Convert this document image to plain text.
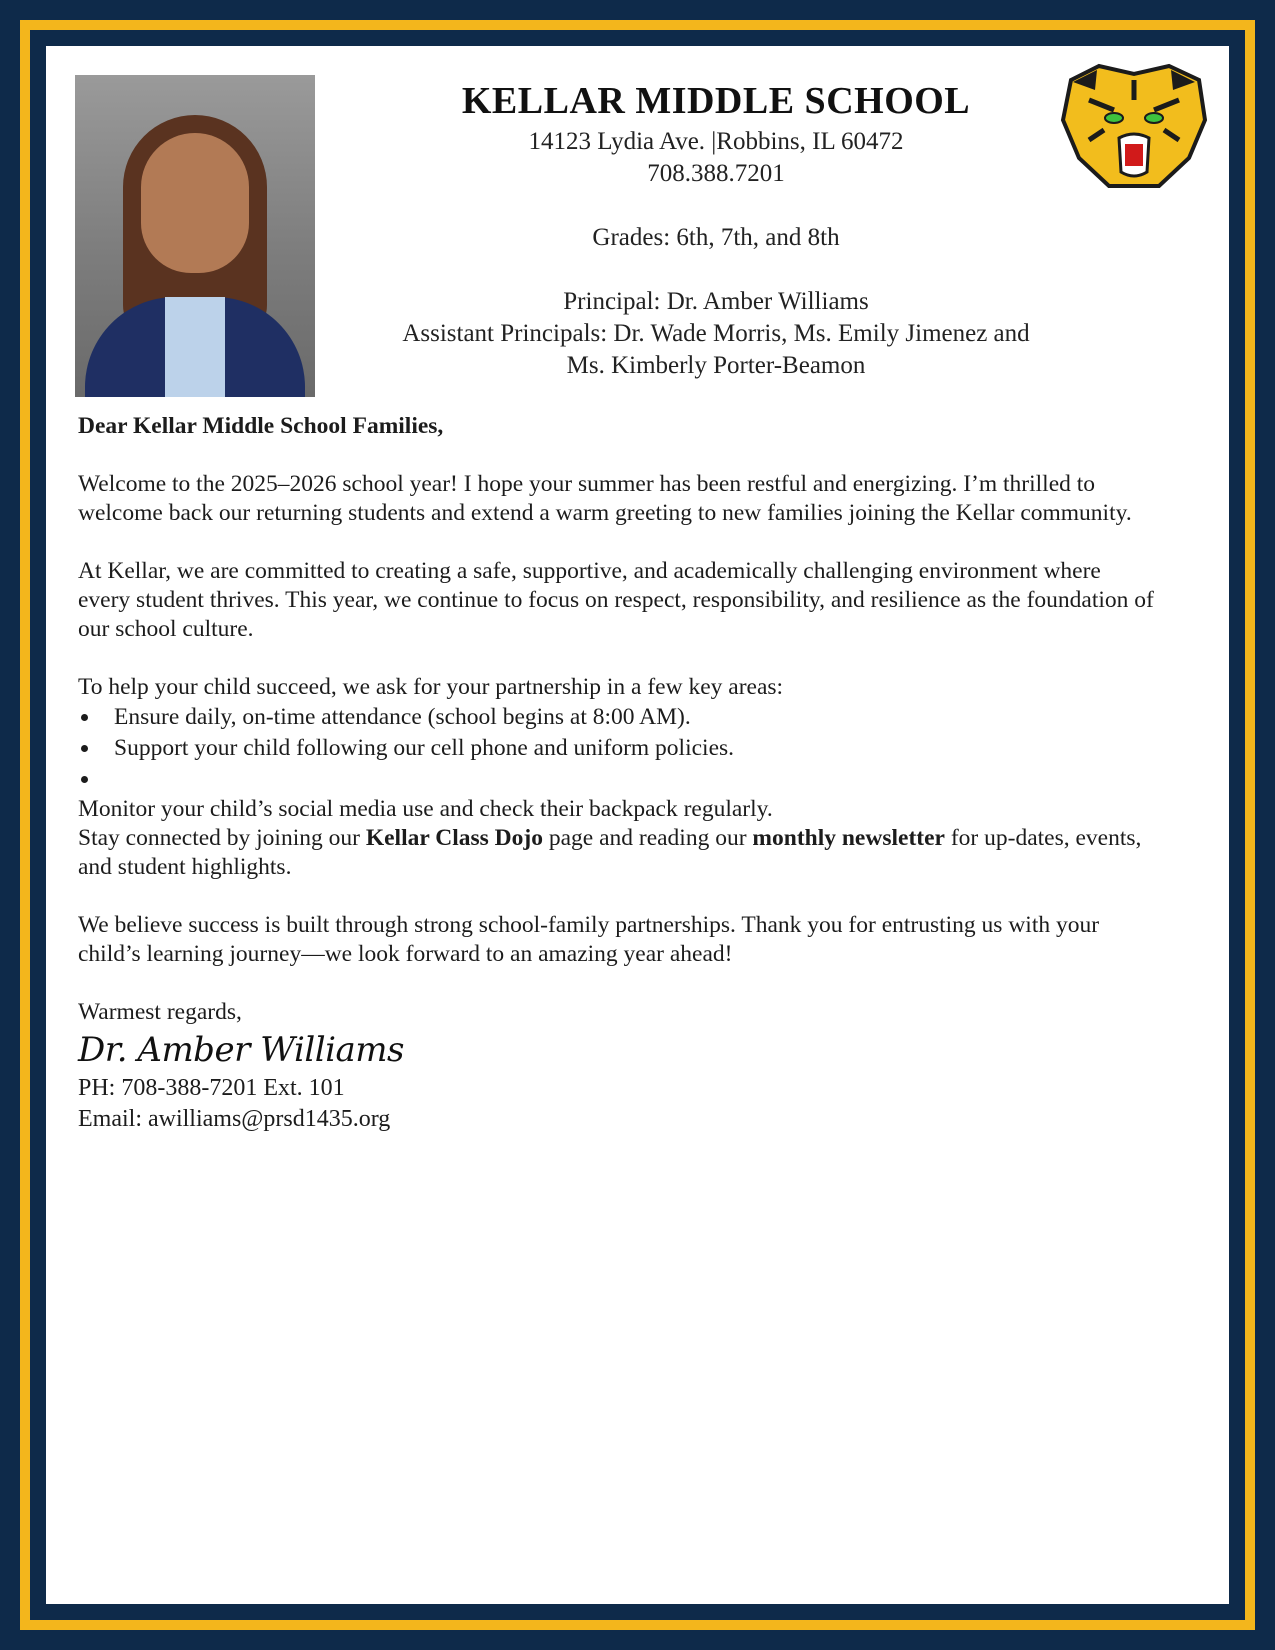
KELLAR MIDDLE SCHOOL
14123 Lydia Ave. |Robbins, IL 60472
708.388.7201
Grades: 6th, 7th, and 8th
Principal: Dr. Amber Williams
Assistant Principals: Dr. Wade Morris, Ms. Emily Jimenez and
Ms. Kimberly Porter-Beamon

Dear Kellar Middle School Families,

Welcome to the 2025–2026 school year! I hope your summer has been restful and energizing. I’m thrilled to welcome back our returning students and extend a warm greeting to new families joining the Kellar community.

At Kellar, we are committed to creating a safe, supportive, and academically challenging environment where every student thrives. This year, we continue to focus on respect, responsibility, and resilience as the foundation of our school culture.

To help your child succeed, we ask for your partnership in a few key areas:

Ensure daily, on-time attendance (school begins at 8:00 AM).
Support your child following our cell phone and uniform policies.

Monitor your child’s social media use and check their backpack regularly.

Stay connected by joining our Kellar Class Dojo page and reading our monthly newsletter for up-dates, events, and student highlights.

We believe success is built through strong school-family partnerships. Thank you for entrusting us with your child’s learning journey—we look forward to an amazing year ahead!

Warmest regards,

Dr. Amber Williams

PH: 708-388-7201 Ext. 101

Email: awilliams@prsd1435.org
